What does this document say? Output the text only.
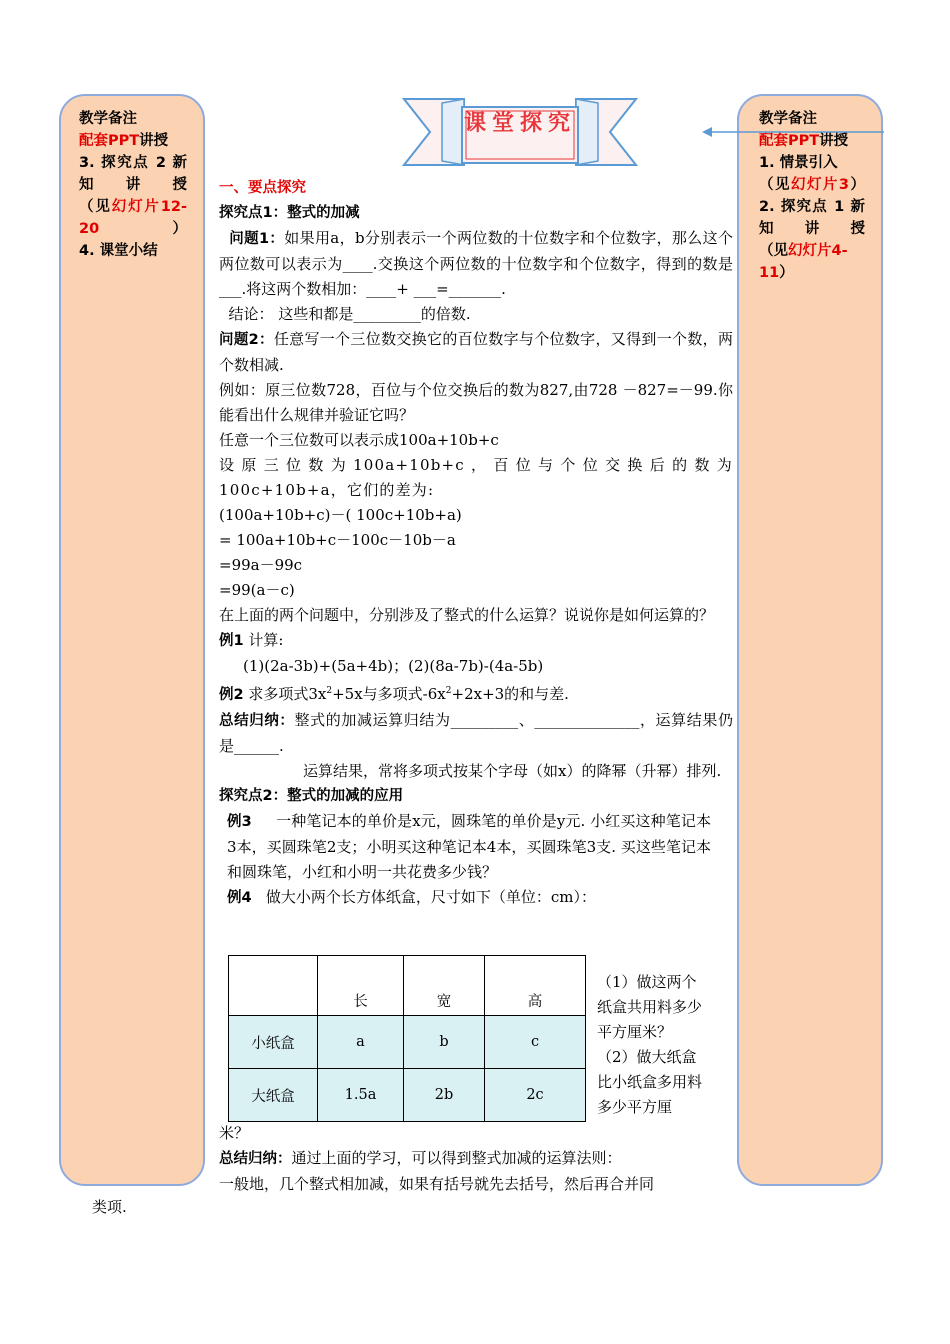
教学备注
配套PPT讲授
3. 探究点 2 新知讲授
（见幻灯片12-20）
4. 课堂小结
教学备注
配套PPT讲授
1. 情景引入
（见幻灯片3）
2. 探究点 1 新知讲授
（见幻灯片4-11）
课堂探究

一、要点探究

探究点1：整式的加减

问题1：如果用a，b分别表示一个两位数的十位数字和个位数字，那么这个两位数可以表示为____.交换这个两位数的十位数字和个位数字，得到的数是___.将这两个数相加：____+ ___=_______.

结论： 这些和都是_________的倍数.

问题2：任意写一个三位数交换它的百位数字与个位数字，又得到一个数，两个数相减.

例如：原三位数728，百位与个位交换后的数为827,由728 －827=－99.你能看出什么规律并验证它吗？

任意一个三位数可以表示成100a+10b+c

设原三位数为100a+10b+c，百位与个位交换后的数为100c+10b+a，它们的差为:

(100a+10b+c)－( 100c+10b+a)

= 100a+10b+c－100c－10b－a

=99a－99c

=99(a－c)

在上面的两个问题中，分别涉及了整式的什么运算？说说你是如何运算的？

例1 计算:

(1)(2a-3b)+(5a+4b)；(2)(8a-7b)-(4a-5b)

例2 求多项式$3x^2+5x$与多项式$-6x^2+2x+3$的和与差.

总结归纳：整式的加减运算归结为_________、______________，运算结果仍是______.

运算结果，常将多项式按某个字母（如x）的降幂（升幂）排列.

探究点2：整式的加减的应用

例3 一种笔记本的单价是x元，圆珠笔的单价是y元. 小红买这种笔记本3本，买圆珠笔2支；小明买这种笔记本4本，买圆珠笔3支. 买这些笔记本和圆珠笔，小红和小明一共花费多少钱？

例4 做大小两个长方体纸盒，尺寸如下（单位：cm）：

	长	宽	高
小纸盒	a	b	c
大纸盒	1.5a	2b	2c

（1）做这两个纸盒共用料多少平方厘米？

（2）做大纸盒比小纸盒多用料多少平方厘

米？

总结归纳：通过上面的学习，可以得到整式加减的运算法则：

一般地，几个整式相加减，如果有括号就先去括号，然后再合并同

类项.
